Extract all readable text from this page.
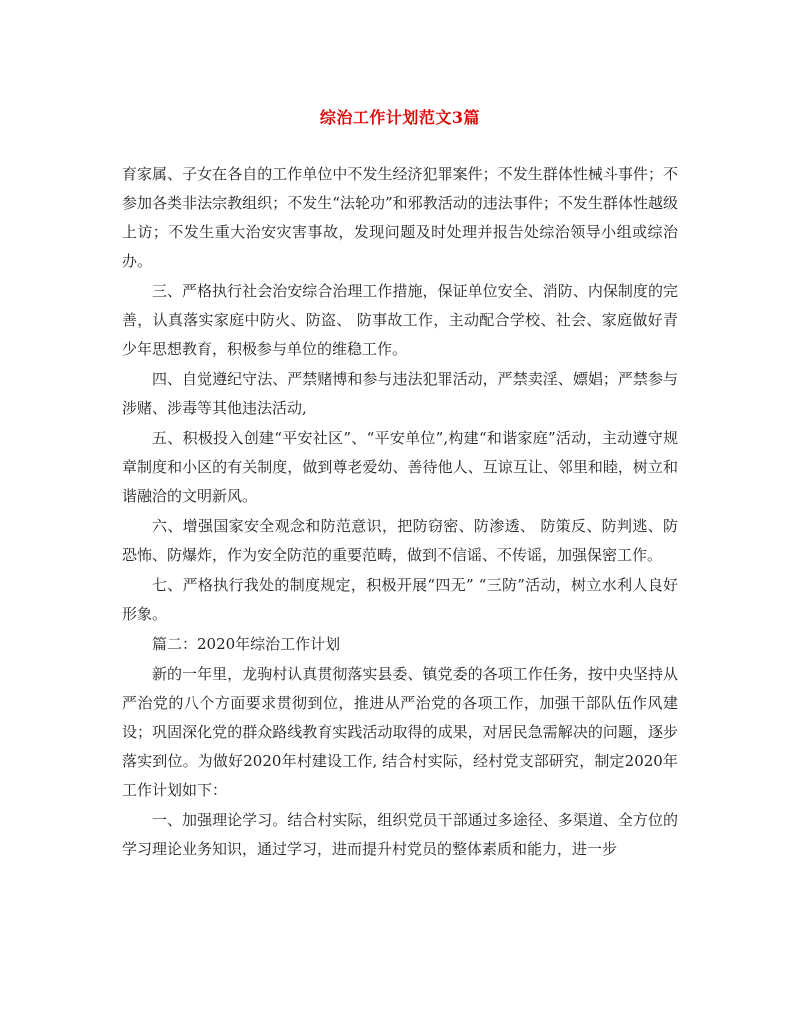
综治工作计划范文3篇

育家属、子女在各自的工作单位中不发生经济犯罪案件；不发生群体性械斗事件；不参加各类非法宗教组织；不发生“法轮功”和邪教活动的违法事件；不发生群体性越级上访；不发生重大治安灾害事故，发现问题及时处理并报告处综治领导小组或综治办。

三、严格执行社会治安综合治理工作措施，保证单位安全、消防、内保制度的完善，认真落实家庭中防火、防盗、 防事故工作，主动配合学校、社会、家庭做好青少年思想教育，积极参与单位的维稳工作。

四、自觉遵纪守法、严禁赌博和参与违法犯罪活动，严禁卖淫、嫖娼；严禁参与涉赌、涉毒等其他违法活动,

五、积极投入创建“平安社区”、“平安单位”,构建“和谐家庭”活动，主动遵守规章制度和小区的有关制度，做到尊老爱幼、善待他人、互谅互让、邻里和睦，树立和谐融洽的文明新风。

六、增强国家安全观念和防范意识，把防窃密、防渗透、 防策反、防判逃、防恐怖、防爆炸，作为安全防范的重要范畴，做到不信谣、不传谣，加强保密工作。

七、严格执行我处的制度规定，积极开展“四无” “三防”活动，树立水利人良好形象。

篇二：2020年综治工作计划

新的一年里，龙驹村认真贯彻落实县委、镇党委的各项工作任务，按中央坚持从严治党的八个方面要求贯彻到位，推进从严治党的各项工作，加强干部队伍作风建设；巩固深化党的群众路线教育实践活动取得的成果，对居民急需解决的问题，逐步落实到位。为做好2020年村建设工作, 结合村实际，经村党支部研究，制定2020年工作计划如下：

一、加强理论学习。结合村实际，组织党员干部通过多途径、多渠道、全方位的学习理论业务知识，通过学习，进而提升村党员的整体素质和能力，进一步
